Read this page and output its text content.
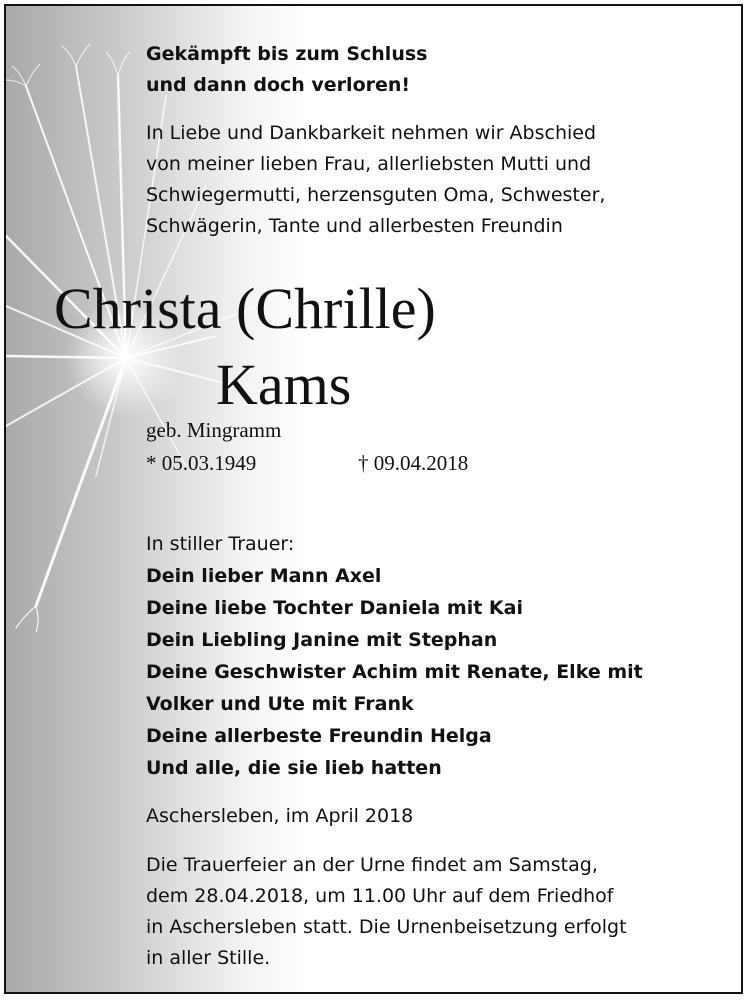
Gekämpft bis zum Schluss
und dann doch verloren!
In Liebe und Dankbarkeit nehmen wir Abschied
von meiner lieben Frau, allerliebsten Mutti und
Schwiegermutti, herzensguten Oma, Schwester,
Schwägerin, Tante und allerbesten Freundin
Christa (Chrille)
Kams
geb. Mingramm
* 05.03.1949	† 09.04.2018
In stiller Trauer:
Dein lieber Mann Axel
Deine liebe Tochter Daniela mit Kai
Dein Liebling Janine mit Stephan
Deine Geschwister Achim mit Renate, Elke mit
Volker und Ute mit Frank
Deine allerbeste Freundin Helga
Und alle, die sie lieb hatten
Aschersleben, im April 2018
Die Trauerfeier an der Urne findet am Samstag,
dem 28.04.2018, um 11.00 Uhr auf dem Friedhof
in Aschersleben statt. Die Urnenbeisetzung erfolgt
in aller Stille.
